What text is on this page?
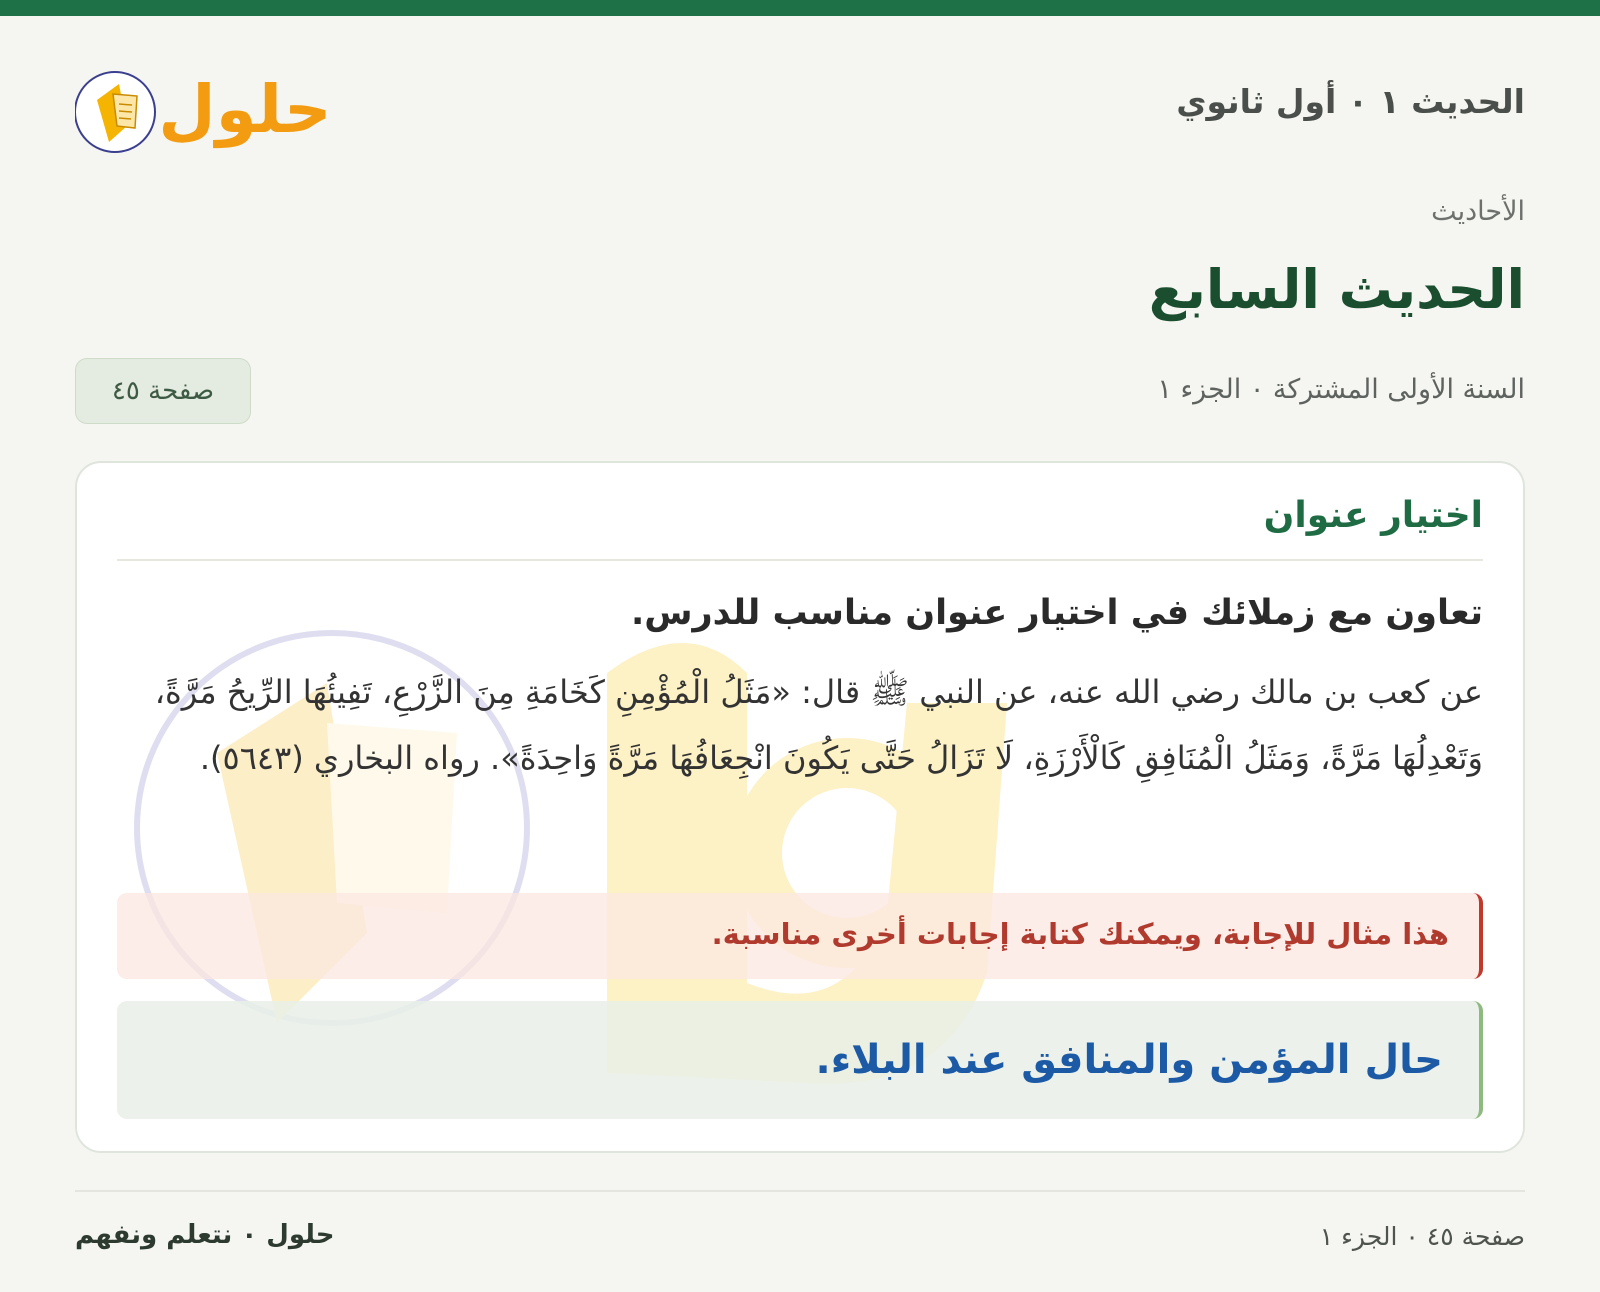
الحديث ١ ٠ أول ثانوي
حلول
الأحاديث
الحديث السابع
السنة الأولى المشتركة ٠ الجزء ١
صفحة ٤٥
اختيار عنوان
تعاون مع زملائك في اختيار عنوان مناسب للدرس.
عن كعب بن مالك رضي الله عنه، عن النبي ﷺ قال: «مَثَلُ الْمُؤْمِنِ كَخَامَةِ مِنَ الزَّرْعِ، تَفِيئُهَا الرِّيحُ مَرَّةً، وَتَعْدِلُهَا مَرَّةً، وَمَثَلُ الْمُنَافِقِ كَالْأَرْزَةِ، لَا تَزَالُ حَتَّى يَكُونَ انْجِعَافُهَا مَرَّةً وَاحِدَةً». رواه البخاري (٥٦٤٣).
هذا مثال للإجابة، ويمكنك كتابة إجابات أخرى مناسبة.
حال المؤمن والمنافق عند البلاء.
صفحة ٤٥ ٠ الجزء ١
حلول ٠ نتعلم ونفهم
